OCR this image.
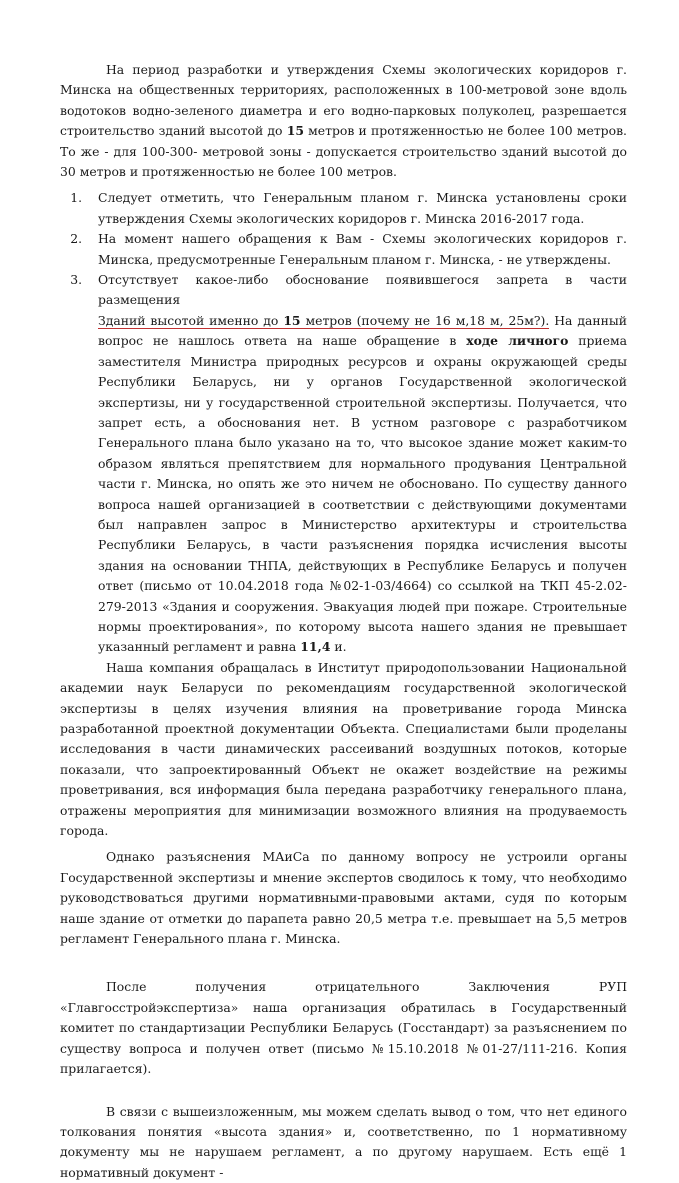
На период разработки и утверждения Схемы экологических коридоров г. Минска на общественных территориях, расположенных в 100-метровой зоне вдоль водотоков водно-зеленого диаметра и его водно-парковых полуколец, разрешается строительство зданий высотой до 15 метров и протяженностью не более 100 метров. То же - для 100-300- метровой зоны - допускается строительство зданий высотой до 30 метров и протяженностью не более 100 метров.

1. Следует отметить, что Генеральным планом г. Минска установлены сроки утверждения Схемы экологических коридоров г. Минска 2016-2017 года.
2. На момент нашего обращения к Вам - Схемы экологических коридоров г. Минска, предусмотренные Генеральным планом г. Минска, - не утверждены.
3. Отсутствует какое-либо обоснование появившегося запрета в части размещения

Зданий высотой именно до 15 метров (почему не 16 м,18 м, 25м?). На данный вопрос не нашлось ответа на наше обращение в ходе личного приема заместителя Министра природных ресурсов и охраны окружающей среды Республики Беларусь, ни у органов Государственной экологической экспертизы, ни у государственной строительной экспертизы. Получается, что запрет есть, а обоснования нет. В устном разговоре с разработчиком Генерального плана было указано на то, что высокое здание может каким-то образом являться препятствием для нормального продувания Центральной части г. Минска, но опять же это ничем не обосновано. По существу данного вопроса нашей организацией в соответствии с действующими документами был направлен запрос в Министерство архитектуры и строительства Республики Беларусь, в части разъяснения порядка исчисления высоты здания на основании ТНПА, действующих в Республике Беларусь и получен ответ (письмо от 10.04.2018 года №02-1-03/4664) со ссылкой на ТКП 45-2.02-279-2013 «Здания и сооружения. Эвакуация людей при пожаре. Строительные нормы проектирования», по которому высота нашего здания не превышает указанный регламент и равна 11,4 и.

Наша компания обращалась в Институт природопользовании Национальной академии наук Беларуси по рекомендациям государственной экологической экспертизы в целях изучения влияния на проветривание города Минска разработанной проектной документации Объекта. Специалистами были проделаны исследования в части динамических рассеиваний воздушных потоков, которые показали, что запроектированный Объект не окажет воздействие на режимы проветривания, вся информация была передана разработчику генерального плана, отражены мероприятия для минимизации возможного влияния на продуваемость города.

Однако разъяснения МАиСа по данному вопросу не устроили органы Государственной экспертизы и мнение экспертов сводилось к тому, что необходимо руководствоваться другими нормативными-правовыми актами, судя по которым наше здание от отметки до парапета равно 20,5 метра т.е. превышает на 5,5 метров регламент Генерального плана г. Минска.

После получения отрицательного Заключения РУП «Главгосстройэкспертиза» наша организация обратилась в Государственный комитет по стандартизации Республики Беларусь (Госстандарт) за разъяснением по существу вопроса и получен ответ (письмо №15.10.2018 №01-27/111-216. Копия прилагается).

В связи с вышеизложенным, мы можем сделать вывод о том, что нет единого толкования понятия «высота здания» и, соответственно, по 1 нормативному документу мы не нарушаем регламент, а по другому нарушаем. Есть ещё 1 нормативный документ -
